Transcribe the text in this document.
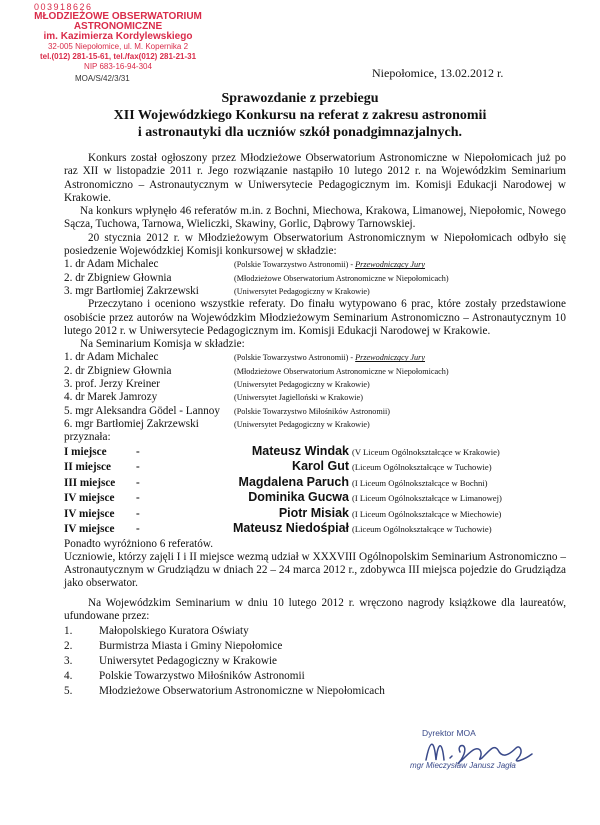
003918626
MŁODZIEŻOWE OBSERWATORIUM
ASTRONOMICZNE
im. Kazimierza Kordylewskiego
32-005 Niepołomice, ul. M. Kopernika 2
tel.(012) 281-15-61, tel./fax(012) 281-21-31
NIP 683-16-94-304
MOA/S/42/3/31	Niepołomice, 13.02.2012 r.
Sprawozdanie z przebiegu
XII Wojewódzkiego Konkursu na referat z zakresu astronomii
i astronautyki dla uczniów szkół ponadgimnazjalnych.

Konkurs został ogłoszony przez Młodzieżowe Obserwatorium Astronomiczne w Niepołomicach już po raz XII w listopadzie 2011 r. Jego rozwiązanie nastąpiło 10 lutego 2012 r. na Wojewódzkim Seminarium Astronomiczno – Astronautycznym w Uniwersytecie Pedagogicznym im. Komisji Edukacji Narodowej w Krakowie.

Na konkurs wpłynęło 46 referatów m.in. z Bochni, Miechowa, Krakowa, Limanowej, Niepołomic, Nowego Sącza, Tuchowa, Tarnowa, Wieliczki, Skawiny, Gorlic, Dąbrowy Tarnowskiej.

20 stycznia 2012 r. w Młodzieżowym Obserwatorium Astronomicznym w Niepołomicach odbyło się posiedzenie Wojewódzkiej Komisji konkursowej w składzie:

1. dr Adam Michalec	(Polskie Towarzystwo Astronomii) - Przewodniczący Jury
2. dr Zbigniew Głownia	(Młodzieżowe Obserwatorium Astronomiczne w Niepołomicach)
3. mgr Bartłomiej Zakrzewski	(Uniwersytet Pedagogiczny w Krakowie)

Przeczytano i oceniono wszystkie referaty. Do finału wytypowano 6 prac, które zostały przedstawione osobiście przez autorów na Wojewódzkim Młodzieżowym Seminarium Astronomiczno – Astronautycznym 10 lutego 2012 r. w Uniwersytecie Pedagogicznym im. Komisji Edukacji Narodowej w Krakowie.

Na Seminarium Komisja w składzie:

1. dr Adam Michalec	(Polskie Towarzystwo Astronomii) - Przewodniczący Jury
2. dr Zbigniew Głownia	(Młodzieżowe Obserwatorium Astronomiczne w Niepołomicach)
3. prof. Jerzy Kreiner	(Uniwersytet Pedagogiczny w Krakowie)
4. dr Marek Jamrozy	(Uniwersytet Jagielloński w Krakowie)
5. mgr Aleksandra Gödel - Lannoy	(Polskie Towarzystwo Miłośników Astronomii)
6. mgr Bartłomiej Zakrzewski	(Uniwersytet Pedagogiczny w Krakowie)

przyznała:

I miejsce	-	Mateusz Windak (V Liceum Ogólnokształcące w Krakowie)
II miejsce	-	Karol Gut (Liceum Ogólnokształcące w Tuchowie)
III miejsce	-	Magdalena Paruch (I Liceum Ogólnokształcące w Bochni)
IV miejsce	-	Dominika Gucwa (I Liceum Ogólnokształcące w Limanowej)
IV miejsce	-	Piotr Misiak (I Liceum Ogólnokształcące w Miechowie)
IV miejsce	-	Mateusz Niedośpiał (Liceum Ogólnokształcące w Tuchowie)

Ponadto wyróżniono 6 referatów.

Uczniowie, którzy zajęli I i II miejsce wezmą udział w XXXVIII Ogólnopolskim Seminarium Astronomiczno – Astronautycznym w Grudziądzu w dniach 22 – 24 marca 2012 r., zdobywca III miejsca pojedzie do Grudziądza jako obserwator.

Na Wojewódzkim Seminarium w dniu 10 lutego 2012 r. wręczono nagrody książkowe dla laureatów, ufundowane przez:

1.	Małopolskiego Kuratora Oświaty
2.	Burmistrza Miasta i Gminy Niepołomice
3.	Uniwersytet Pedagogiczny w Krakowie
4.	Polskie Towarzystwo Miłośników Astronomii
5.	Młodzieżowe Obserwatorium Astronomiczne w Niepołomicach
Dyrektor MOA
mgr Mieczysław Janusz Jagła
